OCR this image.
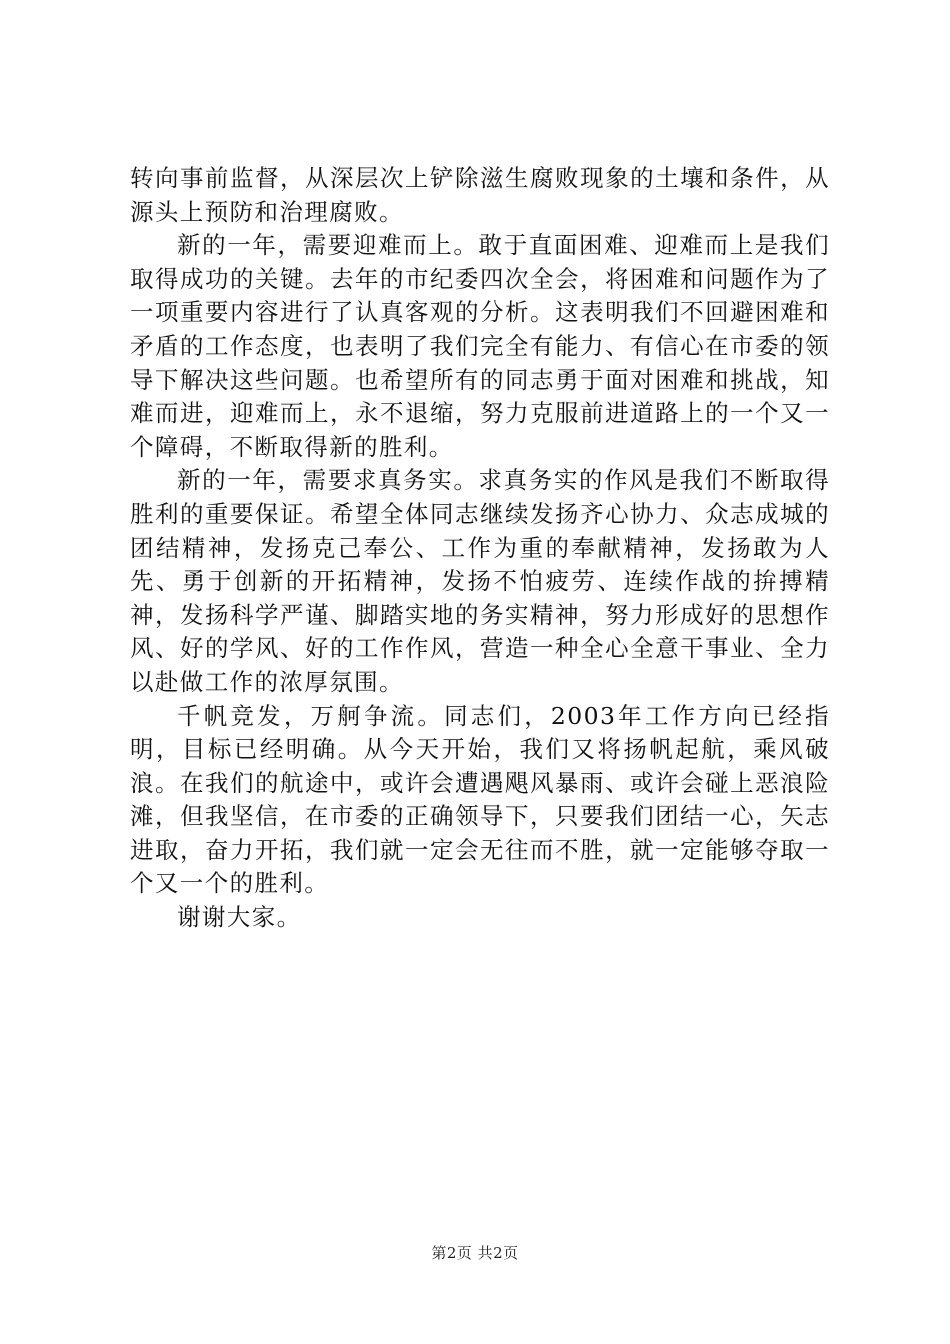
转向事前监督，从深层次上铲除滋生腐败现象的土壤和条件，从源头上预防和治理腐败。

新的一年，需要迎难而上。敢于直面困难、迎难而上是我们取得成功的关键。去年的市纪委四次全会，将困难和问题作为了一项重要内容进行了认真客观的分析。这表明我们不回避困难和矛盾的工作态度，也表明了我们完全有能力、有信心在市委的领导下解决这些问题。也希望所有的同志勇于面对困难和挑战，知难而进，迎难而上，永不退缩，努力克服前进道路上的一个又一个障碍，不断取得新的胜利。

新的一年，需要求真务实。求真务实的作风是我们不断取得胜利的重要保证。希望全体同志继续发扬齐心协力、众志成城的团结精神，发扬克己奉公、工作为重的奉献精神，发扬敢为人先、勇于创新的开拓精神，发扬不怕疲劳、连续作战的拚搏精神，发扬科学严谨、脚踏实地的务实精神，努力形成好的思想作风、好的学风、好的工作作风，营造一种全心全意干事业、全力以赴做工作的浓厚氛围。

千帆竞发，万舸争流。同志们，2003年工作方向已经指明，目标已经明确。从今天开始，我们又将扬帆起航，乘风破浪。在我们的航途中，或许会遭遇飓风暴雨、或许会碰上恶浪险滩，但我坚信，在市委的正确领导下，只要我们团结一心，矢志进取，奋力开拓，我们就一定会无往而不胜，就一定能够夺取一个又一个的胜利。

谢谢大家。

第2页 共2页
